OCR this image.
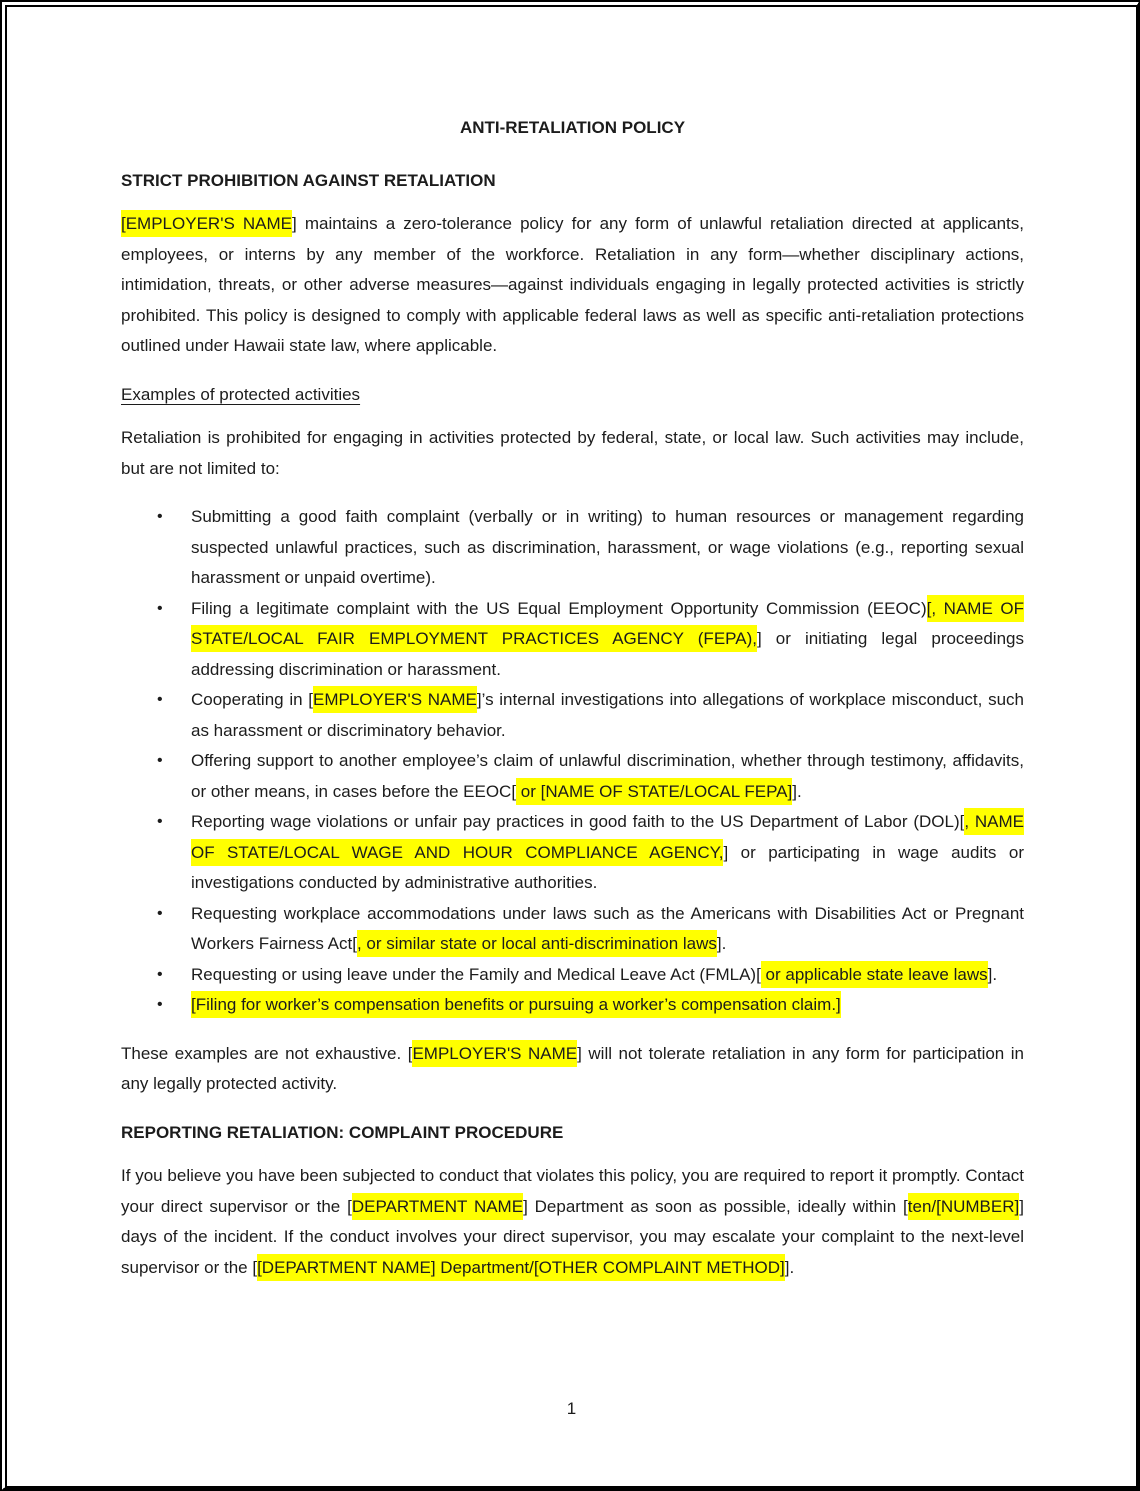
ANTI-RETALIATION POLICY

STRICT PROHIBITION AGAINST RETALIATION

[EMPLOYER'S NAME] maintains a zero-tolerance policy for any form of unlawful retaliation directed at applicants, employees, or interns by any member of the workforce. Retaliation in any form—whether disciplinary actions, intimidation, threats, or other adverse measures—against individuals engaging in legally protected activities is strictly prohibited. This policy is designed to comply with applicable federal laws as well as specific anti-retaliation protections outlined under Hawaii state law, where applicable.

Examples of protected activities

Retaliation is prohibited for engaging in activities protected by federal, state, or local law. Such activities may include, but are not limited to:

• Submitting a good faith complaint (verbally or in writing) to human resources or management regarding suspected unlawful practices, such as discrimination, harassment, or wage violations (e.g., reporting sexual harassment or unpaid overtime).
• Filing a legitimate complaint with the US Equal Employment Opportunity Commission (EEOC)[, NAME OF STATE/LOCAL FAIR EMPLOYMENT PRACTICES AGENCY (FEPA),] or initiating legal proceedings addressing discrimination or harassment.
• Cooperating in [EMPLOYER'S NAME]’s internal investigations into allegations of workplace misconduct, such as harassment or discriminatory behavior.
• Offering support to another employee’s claim of unlawful discrimination, whether through testimony, affidavits, or other means, in cases before the EEOC[ or [NAME OF STATE/LOCAL FEPA]].
• Reporting wage violations or unfair pay practices in good faith to the US Department of Labor (DOL)[, NAME OF STATE/LOCAL WAGE AND HOUR COMPLIANCE AGENCY,] or participating in wage audits or investigations conducted by administrative authorities.
• Requesting workplace accommodations under laws such as the Americans with Disabilities Act or Pregnant Workers Fairness Act[, or similar state or local anti-discrimination laws].
• Requesting or using leave under the Family and Medical Leave Act (FMLA)[ or applicable state leave laws].
• [Filing for worker’s compensation benefits or pursuing a worker’s compensation claim.]

These examples are not exhaustive. [EMPLOYER'S NAME] will not tolerate retaliation in any form for participation in any legally protected activity.

REPORTING RETALIATION: COMPLAINT PROCEDURE

If you believe you have been subjected to conduct that violates this policy, you are required to report it promptly. Contact your direct supervisor or the [DEPARTMENT NAME] Department as soon as possible, ideally within [ten/[NUMBER]] days of the incident. If the conduct involves your direct supervisor, you may escalate your complaint to the next-level supervisor or the [[DEPARTMENT NAME] Department/[OTHER COMPLAINT METHOD]].

1
